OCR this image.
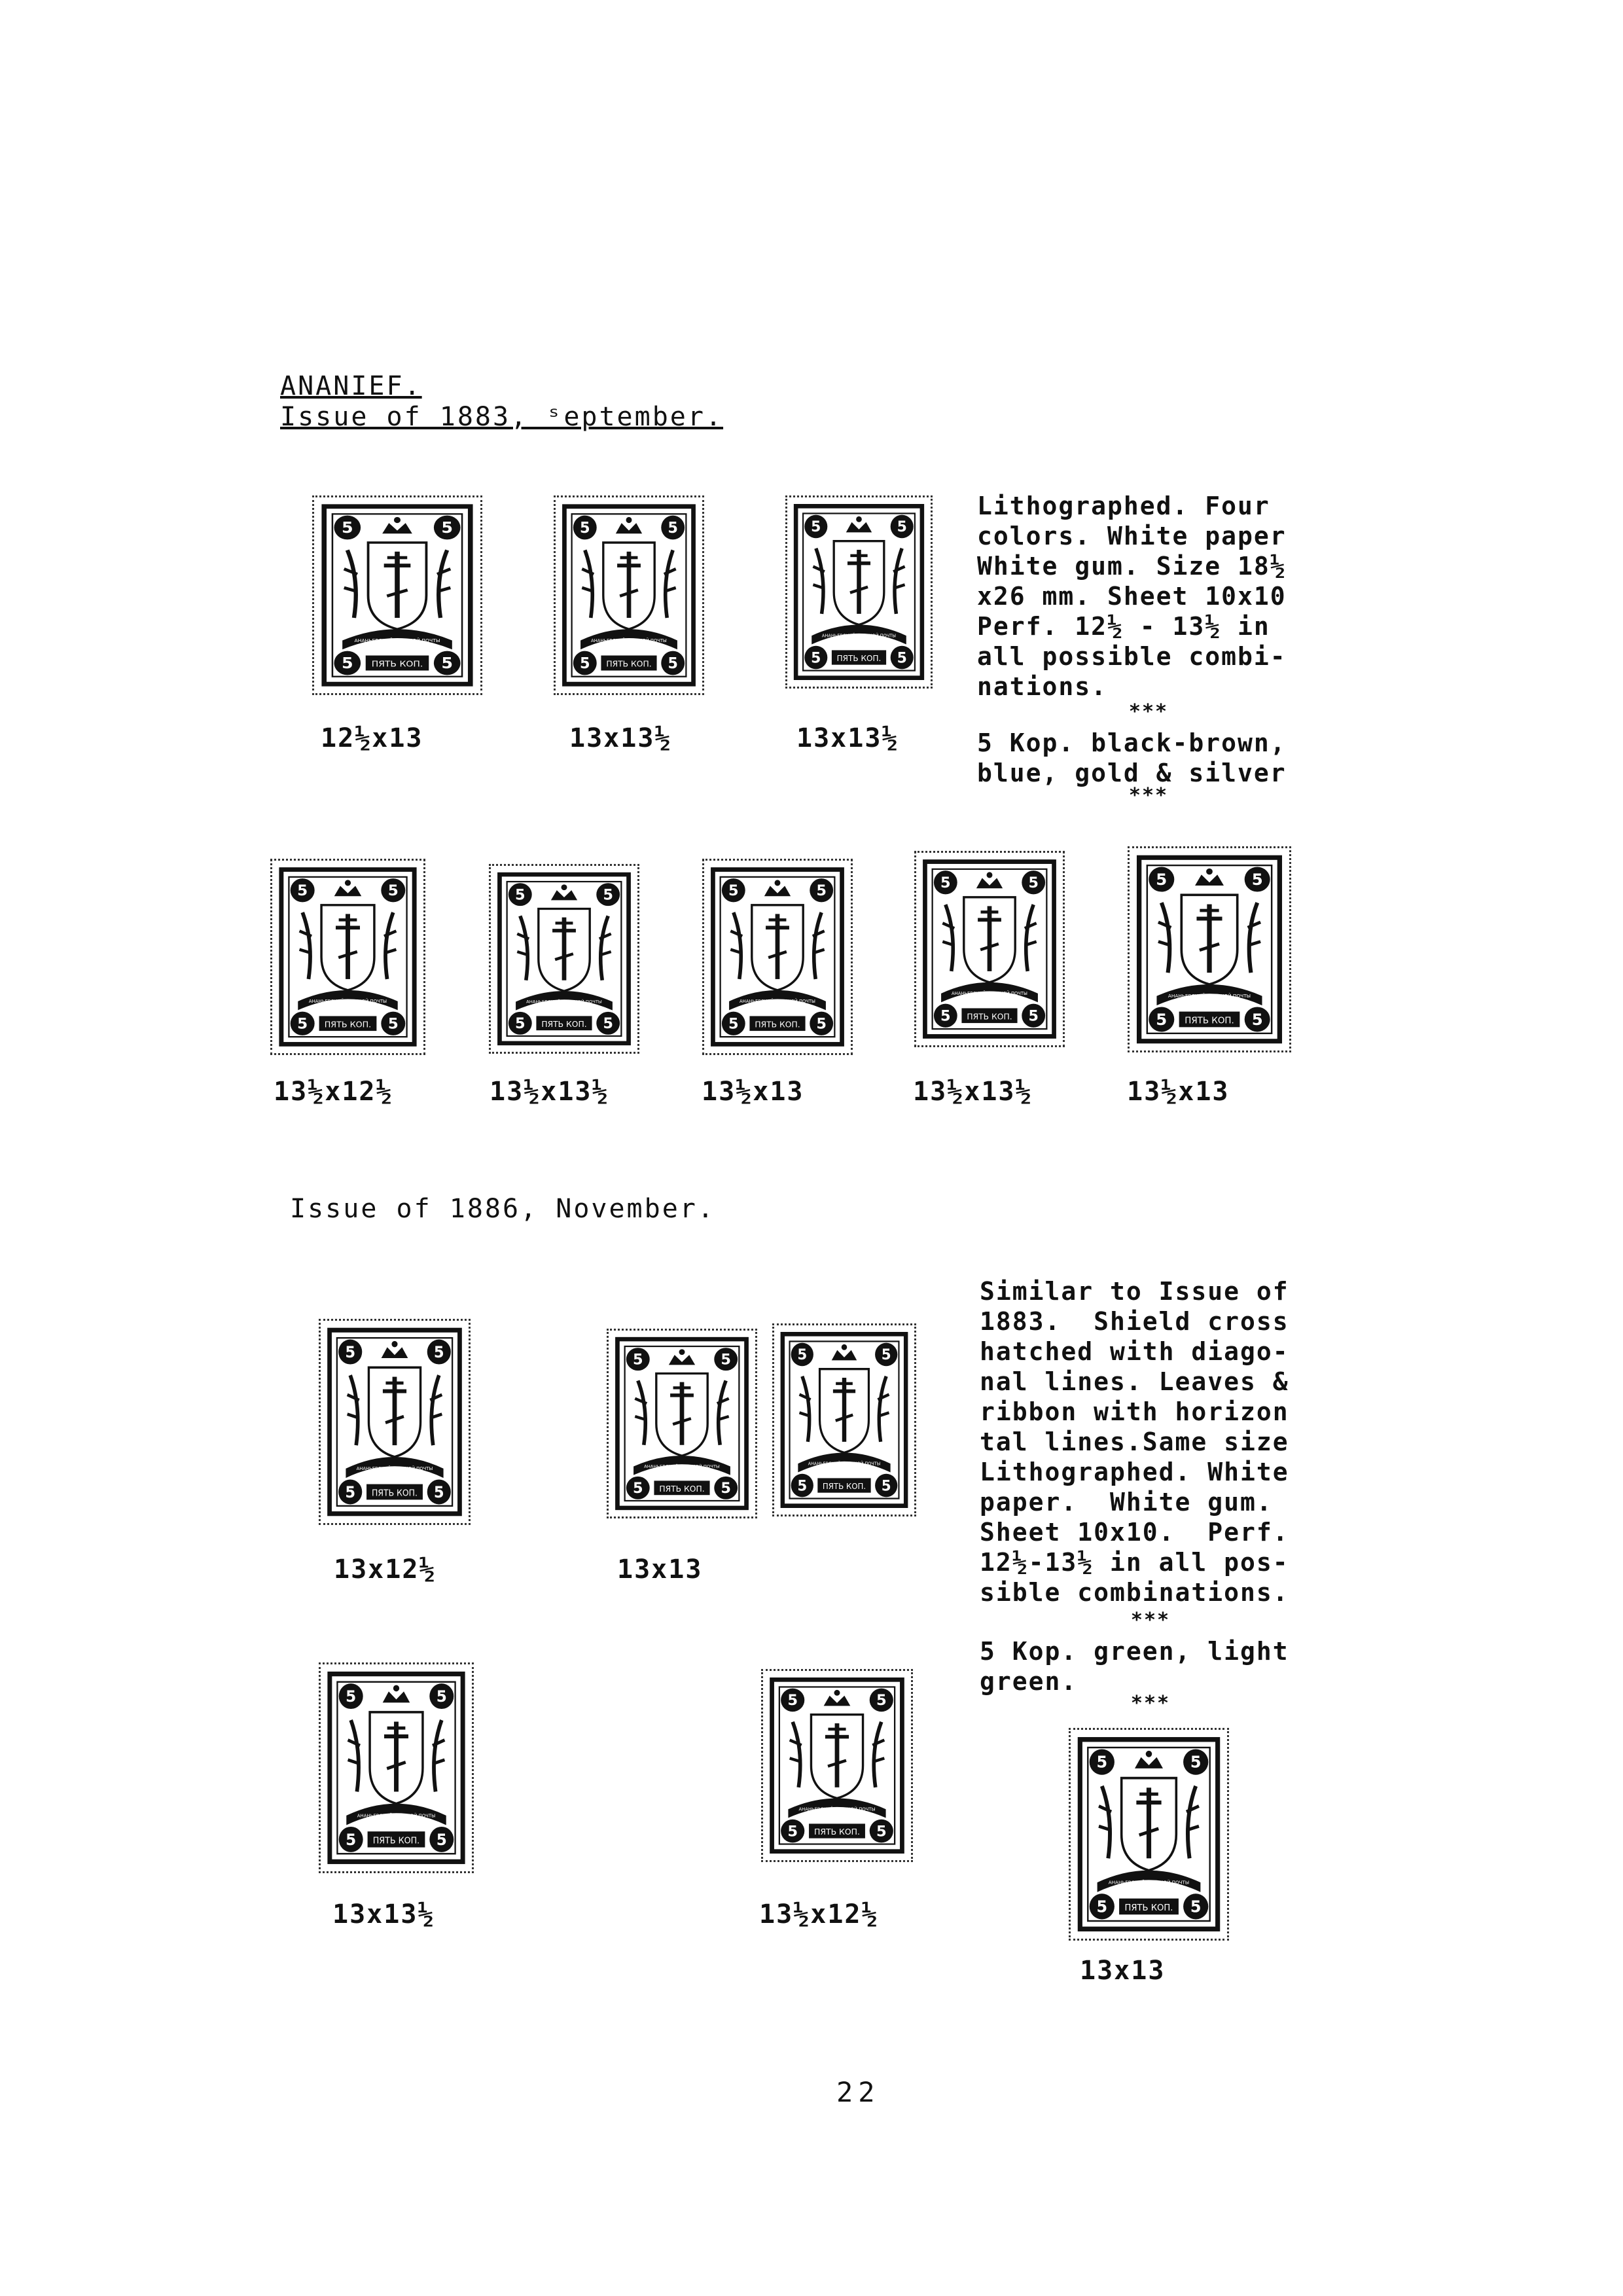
ANANIEF.
Issue of 1883, ˢeptember.
5	5
5	5
ПЯТЬ КОП.
АНАНЬЕВСКОЙ ЗЕМСКОЙ ПОЧТЫ
5	5
5	5
ПЯТЬ КОП.
АНАНЬЕВСКОЙ ЗЕМСКОЙ ПОЧТЫ
5	5
5	5
ПЯТЬ КОП.
АНАНЬЕВСКОЙ ЗЕМСКОЙ ПОЧТЫ
12½x13	13x13½	13x13½
Lithographed. Four
colors. White paper
White gum. Size 18½
x26 mm. Sheet 10x10
Perf. 12½ - 13½ in
all possible combi-
nations.
***
5 Kop. black-brown,
blue, gold & silver
***
5	5
5	5
ПЯТЬ КОП.
АНАНЬЕВСКОЙ ЗЕМСКОЙ ПОЧТЫ
5	5
5	5
ПЯТЬ КОП.
АНАНЬЕВСКОЙ ЗЕМСКОЙ ПОЧТЫ
5	5
5	5
ПЯТЬ КОП.
АНАНЬЕВСКОЙ ЗЕМСКОЙ ПОЧТЫ
5	5
5	5
ПЯТЬ КОП.
АНАНЬЕВСКОЙ ЗЕМСКОЙ ПОЧТЫ
5	5
5	5
ПЯТЬ КОП.
АНАНЬЕВСКОЙ ЗЕМСКОЙ ПОЧТЫ
13½x12½	13½x13½	13½x13	13½x13½	13½x13
Issue of 1886, November.
5	5
5	5
ПЯТЬ КОП.
АНАНЬЕВСКОЙ ЗЕМСКОЙ ПОЧТЫ
5	5
5	5
ПЯТЬ КОП.
АНАНЬЕВСКОЙ ЗЕМСКОЙ ПОЧТЫ
5	5
5	5
ПЯТЬ КОП.
АНАНЬЕВСКОЙ ЗЕМСКОЙ ПОЧТЫ
5	5
5	5
ПЯТЬ КОП.
АНАНЬЕВСКОЙ ЗЕМСКОЙ ПОЧТЫ
5	5
5	5
ПЯТЬ КОП.
АНАНЬЕВСКОЙ ЗЕМСКОЙ ПОЧТЫ
5	5
5	5
ПЯТЬ КОП.
АНАНЬЕВСКОЙ ЗЕМСКОЙ ПОЧТЫ
13x12½	13x13
13x13½	13½x12½
13x13
Similar to Issue of
1883.  Shield cross
hatched with diago-
nal lines. Leaves &
ribbon with horizon
tal lines.Same size
Lithographed. White
paper.  White gum.
Sheet 10x10.  Perf.
12½-13½ in all pos-
sible combinations.
***
5 Kop. green, light
green.
***
22
